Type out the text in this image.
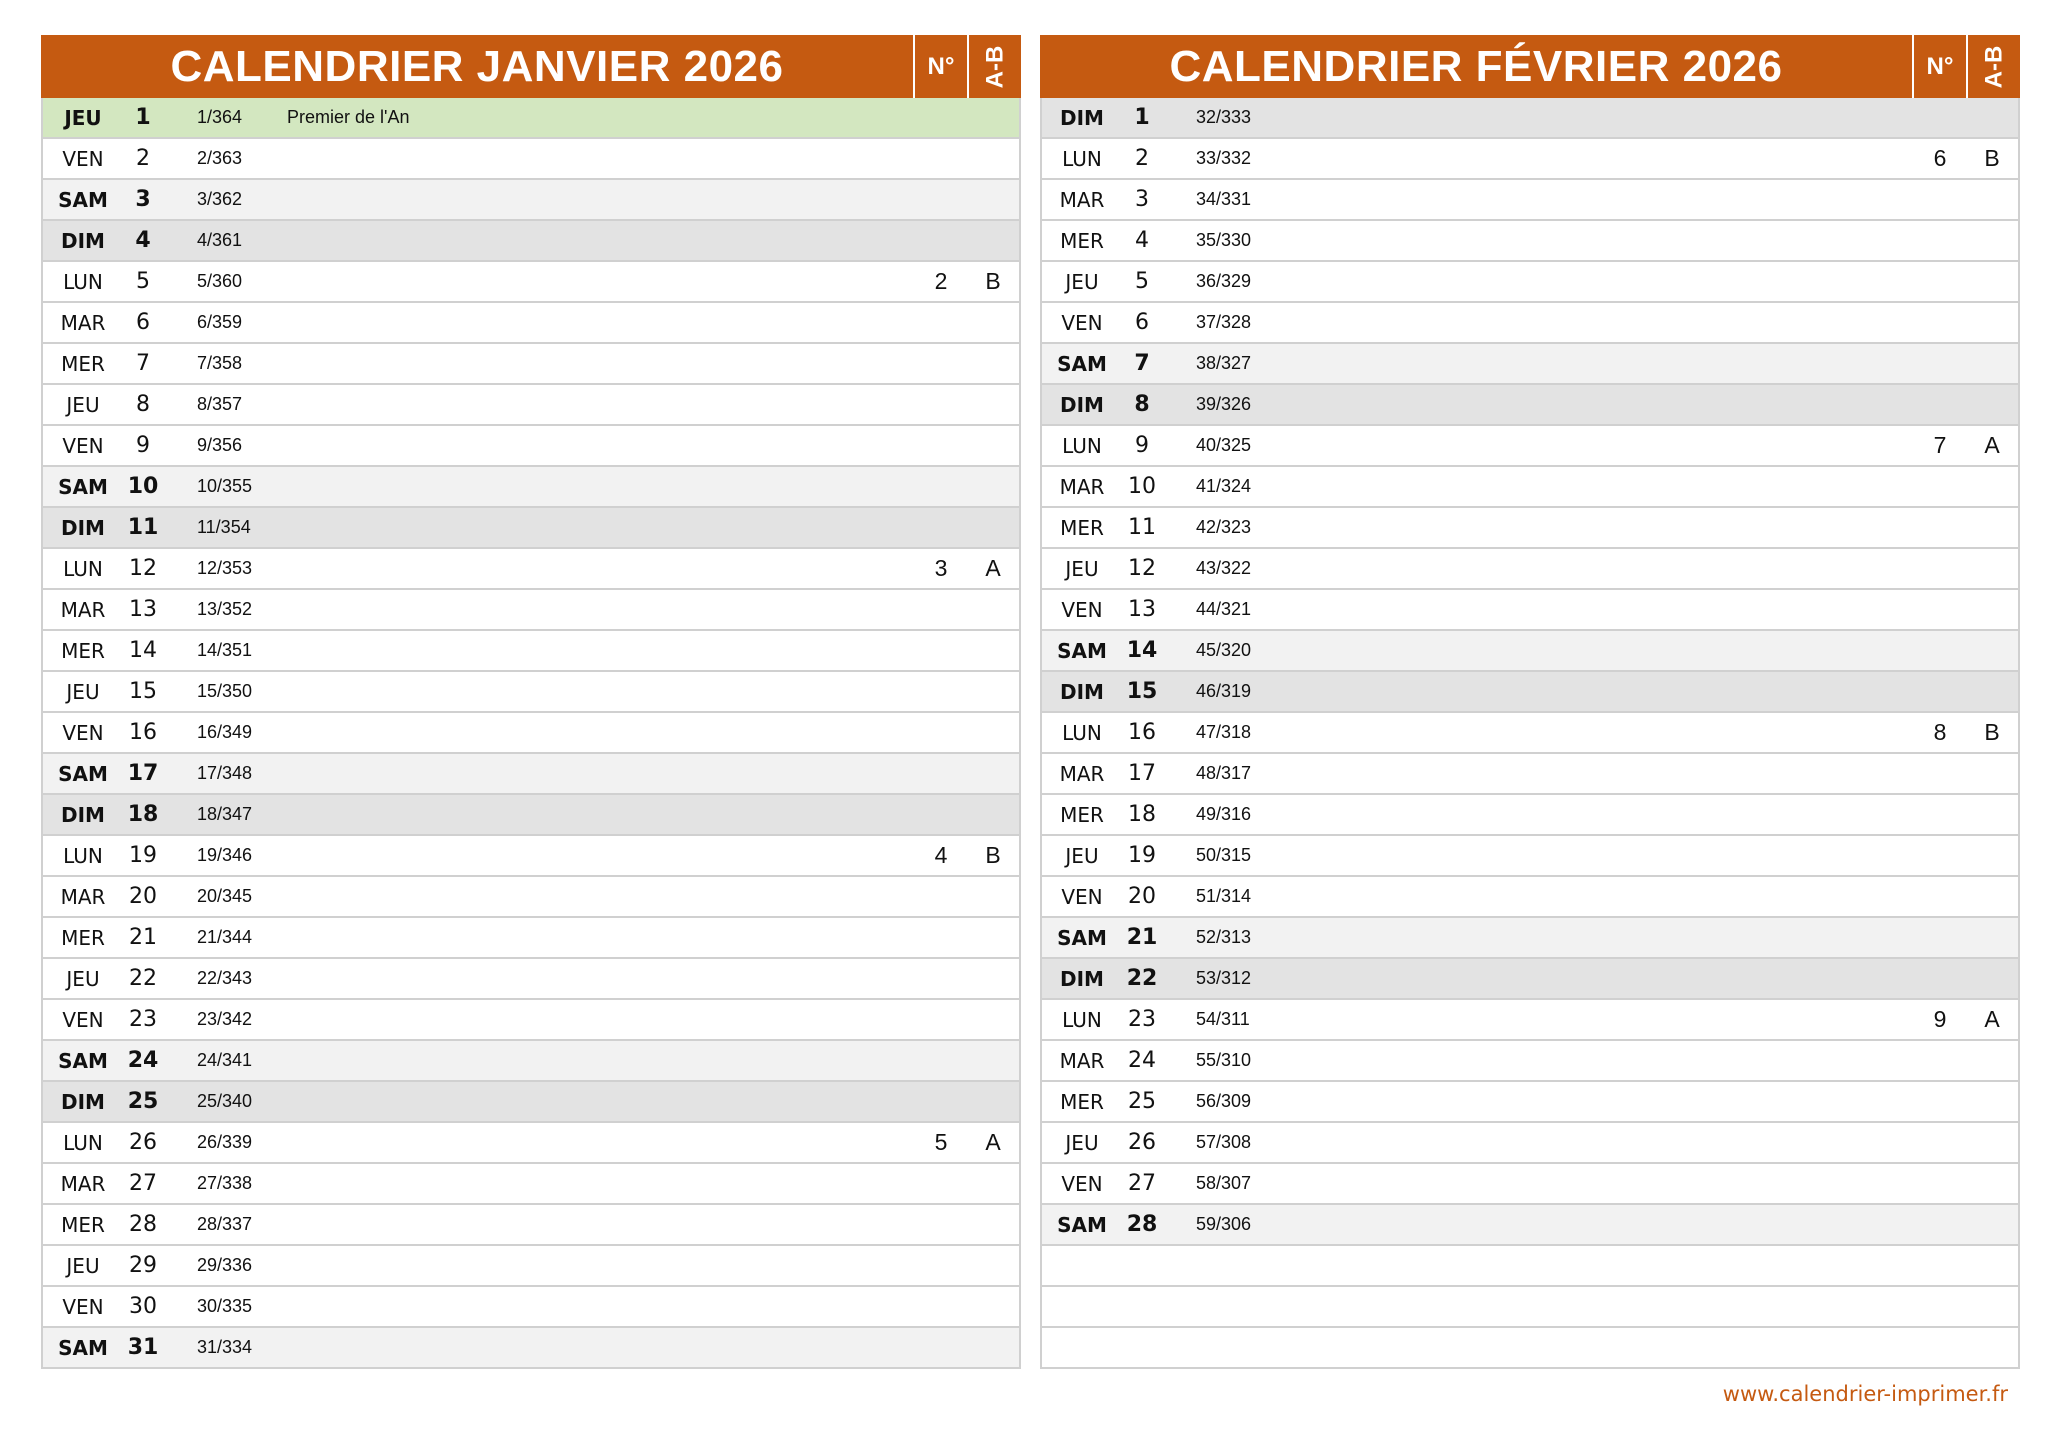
CALENDRIER JANVIER 2026	N°	A-B
JEU	1	1/364	Premier de l'An
VEN	2	2/363
SAM	3	3/362
DIM	4	4/361
LUN	5	5/360	2	B
MAR	6	6/359
MER	7	7/358
JEU	8	8/357
VEN	9	9/356
SAM 10	10/355
DIM	11	11/354
LUN	12	12/353	3	A
MAR	13	13/352
MER	14	14/351
JEU	15	15/350
VEN	16	16/349
SAM 17	17/348
DIM	18	18/347
LUN	19	19/346	4	B
MAR	20	20/345
MER	21	21/344
JEU	22	22/343
VEN	23	23/342
SAM 24	24/341
DIM	25	25/340
LUN	26	26/339	5	A
MAR	27	27/338
MER	28	28/337
JEU	29	29/336
VEN	30	30/335
SAM 31	31/334
CALENDRIER FÉVRIER 2026	N°	A-B
DIM	1	32/333
LUN	2	33/332	6	B
MAR	3	34/331
MER	4	35/330
JEU	5	36/329
VEN	6	37/328
SAM	7	38/327
DIM	8	39/326
LUN	9	40/325	7	A
MAR	10	41/324
MER	11	42/323
JEU	12	43/322
VEN	13	44/321
SAM 14	45/320
DIM	15	46/319
LUN	16	47/318	8	B
MAR	17	48/317
MER	18	49/316
JEU	19	50/315
VEN	20	51/314
SAM 21	52/313
DIM	22	53/312
LUN	23	54/311	9	A
MAR	24	55/310
MER	25	56/309
JEU	26	57/308
VEN	27	58/307
SAM 28	59/306
www.calendrier-imprimer.fr
